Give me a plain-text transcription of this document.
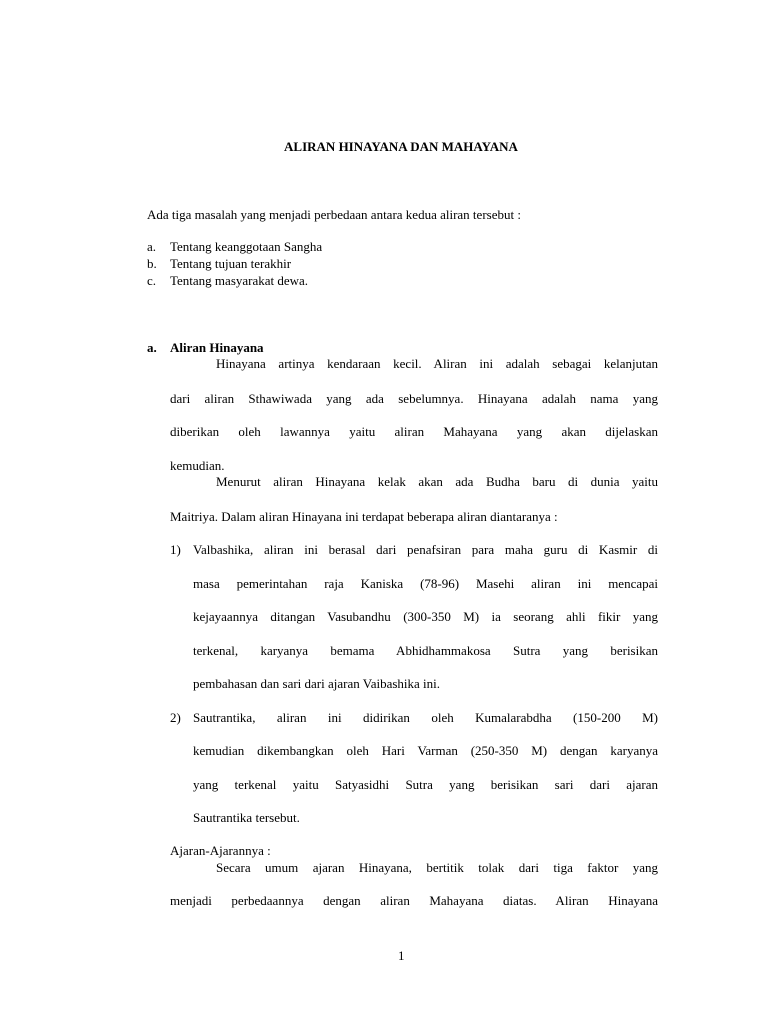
ALIRAN HINAYANA DAN MAHAYANA
Ada tiga masalah yang menjadi perbedaan antara kedua aliran tersebut :
a. Tentang keanggotaan Sangha
b. Tentang tujuan terakhir
c. Tentang masyarakat dewa.
a. Aliran Hinayana
Hinayana artinya kendaraan kecil. Aliran ini adalah sebagai kelanjutan
dari aliran Sthawiwada yang ada sebelumnya. Hinayana adalah nama yang
diberikan oleh lawannya yaitu aliran Mahayana yang akan dijelaskan
kemudian.
Menurut aliran Hinayana kelak akan ada Budha baru di dunia yaitu
Maitriya. Dalam aliran Hinayana ini terdapat beberapa aliran diantaranya :
1) Valbashika, aliran ini berasal dari penafsiran para maha guru di Kasmir di
masa pemerintahan raja Kaniska (78-96) Masehi aliran ini mencapai
kejayaannya ditangan Vasubandhu (300-350 M) ia seorang ahli fikir yang
terkenal, karyanya bemama Abhidhammakosa Sutra yang berisikan
pembahasan dan sari dari ajaran Vaibashika ini.
2) Sautrantika, aliran ini didirikan oleh Kumalarabdha (150-200 M)
kemudian dikembangkan oleh Hari Varman (250-350 M) dengan karyanya
yang terkenal yaitu Satyasidhi Sutra yang berisikan sari dari ajaran
Sautrantika tersebut.
Ajaran-Ajarannya :
Secara umum ajaran Hinayana, bertitik tolak dari tiga faktor yang
menjadi perbedaannya dengan aliran Mahayana diatas. Aliran Hinayana
1
